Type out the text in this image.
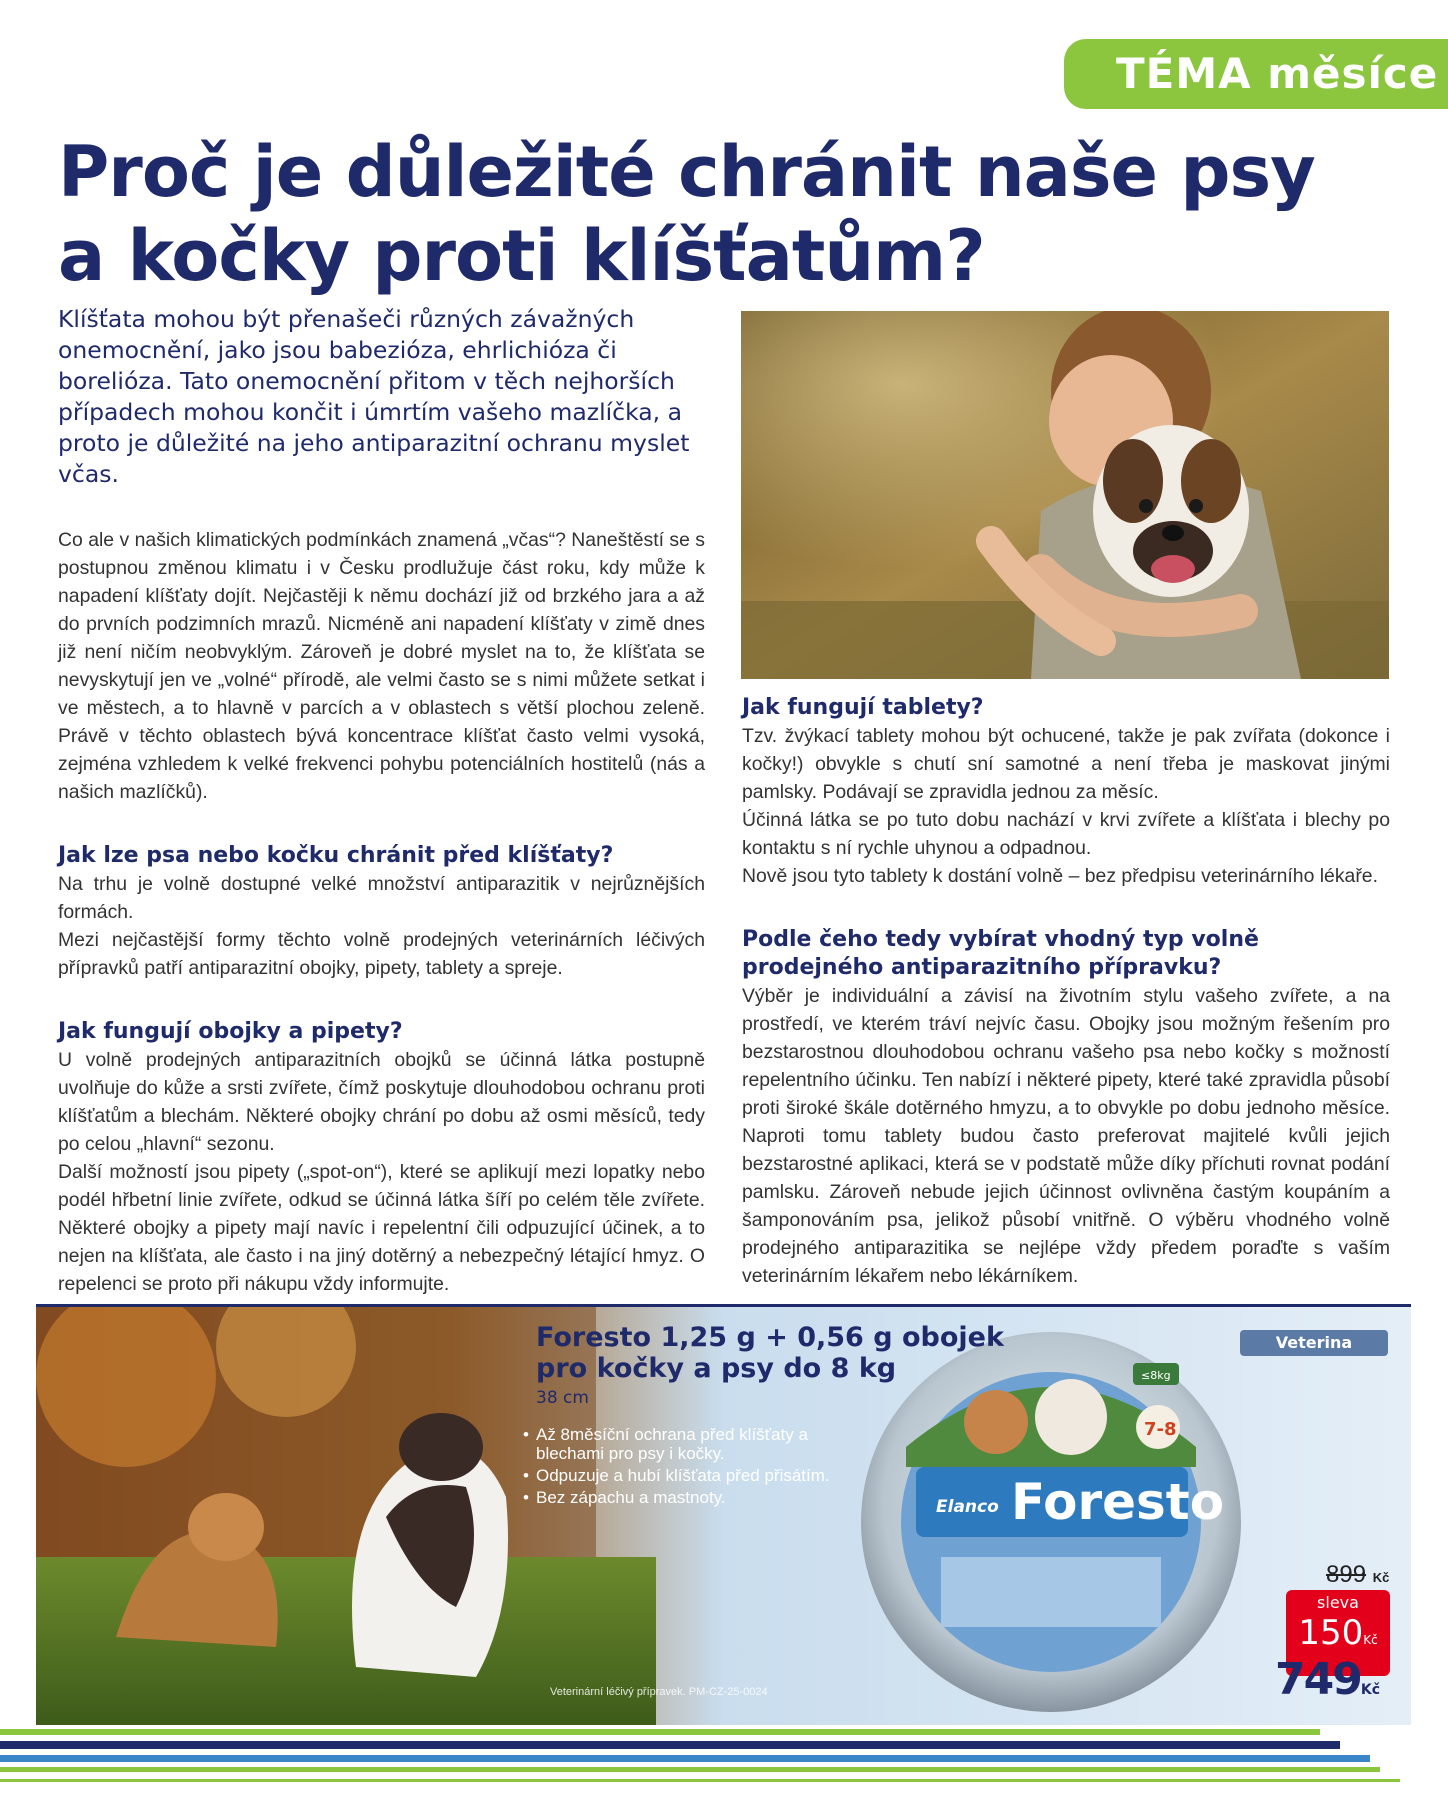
TÉMA měsíce
Proč je důležité chránit naše psy
a kočky proti klíšťatům?

Klíšťata mohou být přenašeči různých závažných onemocnění, jako jsou babezióza, ehrlichióza či borelióza. Tato onemocnění přitom v těch nejhorších případech mohou končit i úmrtím vašeho mazlíčka, a proto je důležité na jeho antiparazitní ochranu myslet včas.

Co ale v našich klimatických podmínkách znamená „včas“? Naneštěstí se s postupnou změnou klimatu i v Česku prodlužuje část roku, kdy může k napadení klíšťaty dojít. Nejčastěji k němu dochází již od brzkého jara a až do prvních podzimních mrazů. Nicméně ani napadení klíšťaty v zimě dnes již není ničím neobvyklým. Zároveň je dobré myslet na to, že klíšťata se nevyskytují jen ve „volné“ přírodě, ale velmi často se s nimi můžete setkat i ve městech, a to hlavně v parcích a v oblastech s větší plochou zeleně. Právě v těchto oblastech bývá koncentrace klíšťat často velmi vysoká, zejména vzhledem k velké frekvenci pohybu potenciálních hostitelů (nás a našich mazlíčků).

Jak lze psa nebo kočku chránit před klíšťaty?

Na trhu je volně dostupné velké množství antiparazitik v nejrůznějších formách.

Mezi nejčastější formy těchto volně prodejných veterinárních léčivých přípravků patří antiparazitní obojky, pipety, tablety a spreje.

Jak fungují obojky a pipety?

U volně prodejných antiparazitních obojků se účinná látka postupně uvolňuje do kůže a srsti zvířete, čímž poskytuje dlouhodobou ochranu proti klíšťatům a blechám. Některé obojky chrání po dobu až osmi měsíců, tedy po celou „hlavní“ sezonu.

Další možností jsou pipety („spot-on“), které se aplikují mezi lopatky nebo podél hřbetní linie zvířete, odkud se účinná látka šíří po celém těle zvířete. Některé obojky a pipety mají navíc i repelentní čili odpuzující účinek, a to nejen na klíšťata, ale často i na jiný dotěrný a nebezpečný létající hmyz. O repelenci se proto při nákupu vždy informujte.

Jak fungují tablety?

Tzv. žvýkací tablety mohou být ochucené, takže je pak zvířata (dokonce i kočky!) obvykle s chutí sní samotné a není třeba je maskovat jinými pamlsky. Podávají se zpravidla jednou za měsíc.

Účinná látka se po tuto dobu nachází v krvi zvířete a klíšťata i blechy po kontaktu s ní rychle uhynou a odpadnou.

Nově jsou tyto tablety k dostání volně – bez předpisu veterinárního lékaře.

Podle čeho tedy vybírat vhodný typ volně prodejného antiparazitního přípravku?

Výběr je individuální a závisí na životním stylu vašeho zvířete, a na prostředí, ve kterém tráví nejvíc času. Obojky jsou možným řešením pro bezstarostnou dlouhodobou ochranu vašeho psa nebo kočky s možností repelentního účinku. Ten nabízí i některé pipety, které také zpravidla působí proti široké škále dotěrného hmyzu, a to obvykle po dobu jednoho měsíce. Naproti tomu tablety budou často preferovat majitelé kvůli jejich bezstarostné aplikaci, která se v podstatě může díky příchuti rovnat podání pamlsku. Zároveň nebude jejich účinnost ovlivněna častým koupáním a šamponováním psa, jelikož působí vnitřně. O výběru vhodného volně prodejného antiparazitika se nejlépe vždy předem poraďte s vaším veterinárním lékařem nebo lékárníkem.

Elanco Foresto
≤8kg
7-8
Foresto 1,25 g + 0,56 g obojek
pro kočky a psy do 8 kg
38 cm
• Až 8měsíční ochrana před klíšťaty a blechami pro psy i kočky.
• Odpuzuje a hubí klíšťata před přisátím.
• Bez zápachu a mastnoty.
Veterinární léčivý přípravek. PM-CZ-25-0024
Veterina
899 Kč
sleva
150Kč
749Kč
